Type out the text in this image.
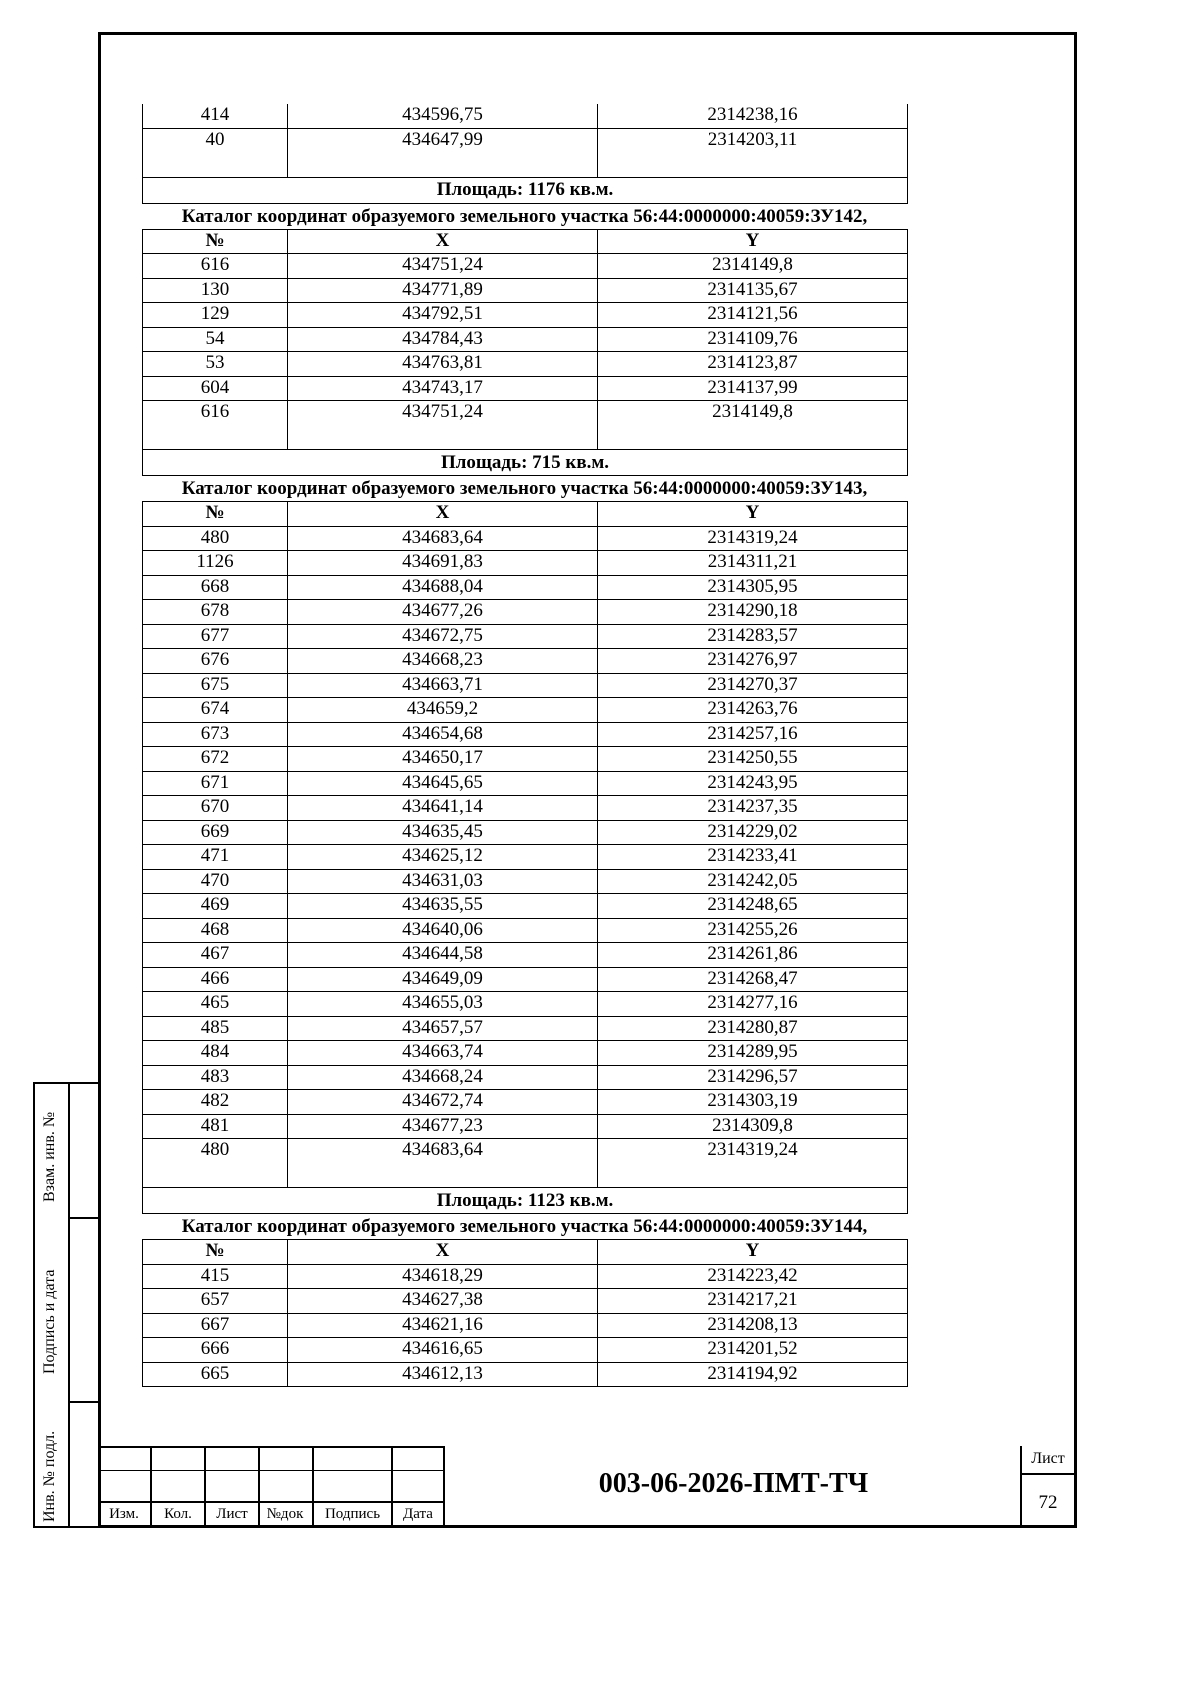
414	434596,75	2314238,16
40	434647,99	2314203,11
Площадь: 1176 кв.м.		
Каталог координат образуемого земельного участка 56:44:0000000:40059:ЗУ142,
№	X	Y
616	434751,24	2314149,8
130	434771,89	2314135,67
129	434792,51	2314121,56
54	434784,43	2314109,76
53	434763,81	2314123,87
604	434743,17	2314137,99
616	434751,24	2314149,8
Площадь: 715 кв.м.		
Каталог координат образуемого земельного участка 56:44:0000000:40059:ЗУ143,
№	X	Y
480	434683,64	2314319,24
1126	434691,83	2314311,21
668	434688,04	2314305,95
678	434677,26	2314290,18
677	434672,75	2314283,57
676	434668,23	2314276,97
675	434663,71	2314270,37
674	434659,2	2314263,76
673	434654,68	2314257,16
672	434650,17	2314250,55
671	434645,65	2314243,95
670	434641,14	2314237,35
669	434635,45	2314229,02
471	434625,12	2314233,41
470	434631,03	2314242,05
469	434635,55	2314248,65
468	434640,06	2314255,26
467	434644,58	2314261,86
466	434649,09	2314268,47
465	434655,03	2314277,16
485	434657,57	2314280,87
484	434663,74	2314289,95
483	434668,24	2314296,57
482	434672,74	2314303,19
481	434677,23	2314309,8
480	434683,64	2314319,24
Площадь: 1123 кв.м.		
Каталог координат образуемого земельного участка 56:44:0000000:40059:ЗУ144,
№	X	Y
415	434618,29	2314223,42
657	434627,38	2314217,21
667	434621,16	2314208,13
666	434616,65	2314201,52
665	434612,13	2314194,92
Взам. инв. №
Подпись и дата
Инв. № подл.	Изм.	Кол.	Лист	№док	Подпись	Дата
003-06-2026-ПМТ-ТЧ
Лист
72
